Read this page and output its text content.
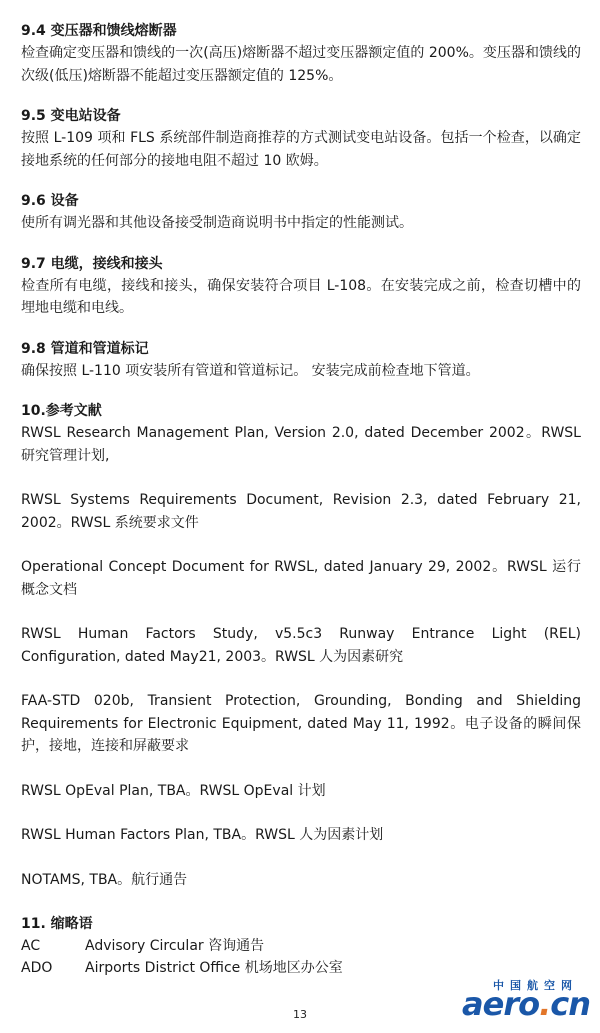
9.4 变压器和馈线熔断器

检查确定变压器和馈线的一次(高压)熔断器不超过变压器额定值的 200%。变压器和馈线的次级(低压)熔断器不能超过变压器额定值的 125%。

9.5 变电站设备

按照 L-109 项和 FLS 系统部件制造商推荐的方式测试变电站设备。包括一个检查，以确定接地系统的任何部分的接地电阻不超过 10 欧姆。

9.6 设备

使所有调光器和其他设备接受制造商说明书中指定的性能测试。

9.7 电缆，接线和接头

检查所有电缆，接线和接头，确保安装符合项目 L-108。在安装完成之前，检查切槽中的埋地电缆和电线。

9.8 管道和管道标记

确保按照 L-110 项安装所有管道和管道标记。 安装完成前检查地下管道。

10.参考文献

RWSL Research Management Plan, Version 2.0, dated December 2002。RWSL 研究管理计划,

RWSL Systems Requirements Document, Revision 2.3, dated February 21, 2002。RWSL 系统要求文件

Operational Concept Document for RWSL, dated January 29, 2002。RWSL 运行概念文档

RWSL Human Factors Study, v5.5c3 Runway Entrance Light (REL) Configuration, dated May21, 2003。RWSL 人为因素研究

FAA-STD 020b, Transient Protection, Grounding, Bonding and Shielding Requirements for Electronic Equipment, dated May 11, 1992。电子设备的瞬间保护，接地，连接和屏蔽要求

RWSL OpEval Plan, TBA。RWSL OpEval 计划

RWSL Human Factors Plan, TBA。RWSL 人为因素计划

NOTAMS, TBA。航行通告

11. 缩略语
AC	Advisory Circular 咨询通告
ADO	Airports District Office 机场地区办公室
13
中国航空网
aero.cn
